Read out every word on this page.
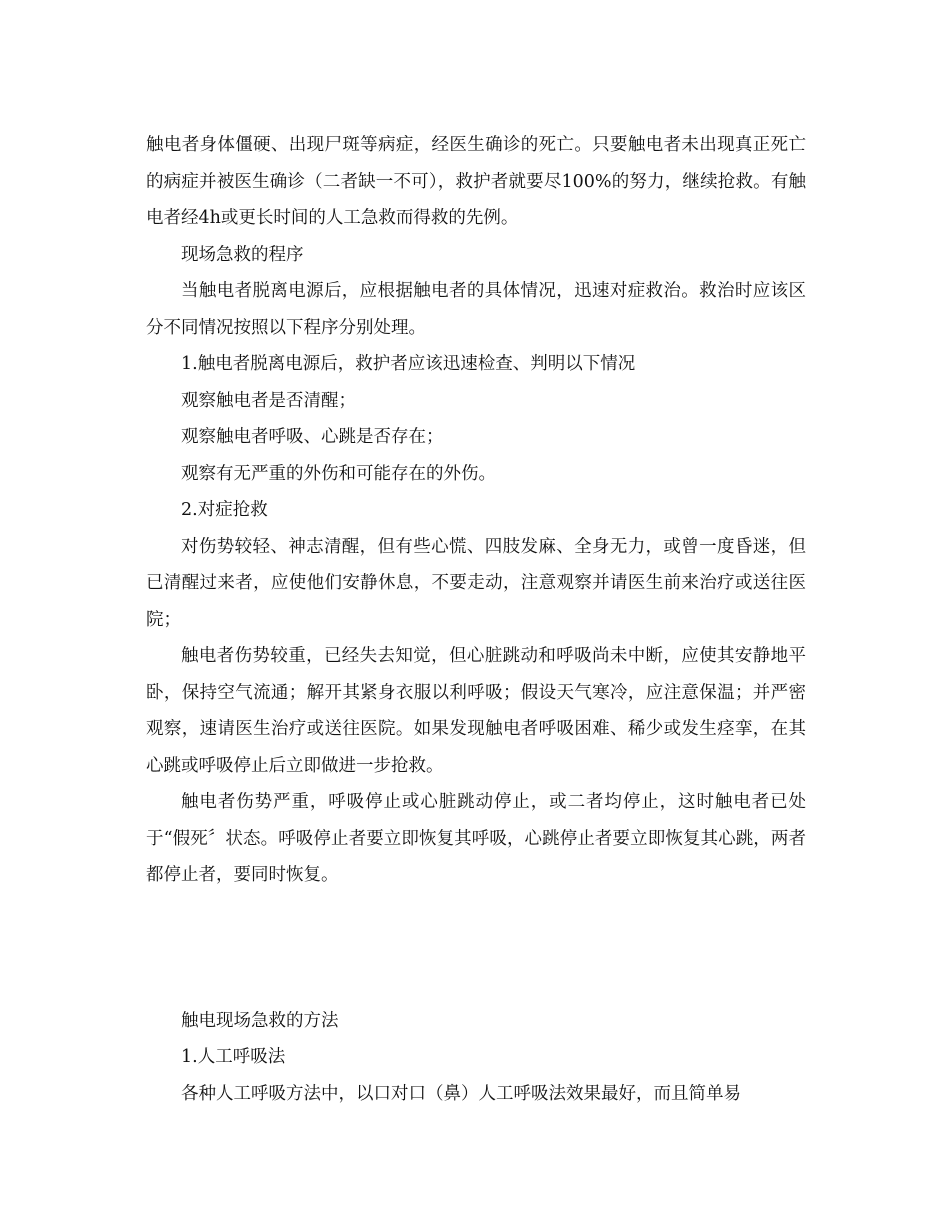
触电者身体僵硬、出现尸斑等病症，经医生确诊的死亡。只要触电者未出现真正死亡的病症并被医生确诊（二者缺一不可），救护者就要尽100%的努力，继续抢救。有触电者经4h或更长时间的人工急救而得救的先例。

现场急救的程序

当触电者脱离电源后，应根据触电者的具体情况，迅速对症救治。救治时应该区分不同情况按照以下程序分别处理。

1.触电者脱离电源后，救护者应该迅速检查、判明以下情况

观察触电者是否清醒；

观察触电者呼吸、心跳是否存在；

观察有无严重的外伤和可能存在的外伤。

2.对症抢救

对伤势较轻、神志清醒，但有些心慌、四肢发麻、全身无力，或曾一度昏迷，但已清醒过来者，应使他们安静休息，不要走动，注意观察并请医生前来治疗或送往医院；

触电者伤势较重，已经失去知觉，但心脏跳动和呼吸尚未中断，应使其安静地平卧，保持空气流通；解开其紧身衣服以利呼吸；假设天气寒冷，应注意保温；并严密观察，速请医生治疗或送往医院。如果发现触电者呼吸困难、稀少或发生痉挛，在其心跳或呼吸停止后立即做进一步抢救。

触电者伤势严重，呼吸停止或心脏跳动停止，或二者均停止，这时触电者已处于“假死〞状态。呼吸停止者要立即恢复其呼吸，心跳停止者要立即恢复其心跳，两者都停止者，要同时恢复。

触电现场急救的方法

1.人工呼吸法

各种人工呼吸方法中，以口对口（鼻）人工呼吸法效果最好，而且简单易
